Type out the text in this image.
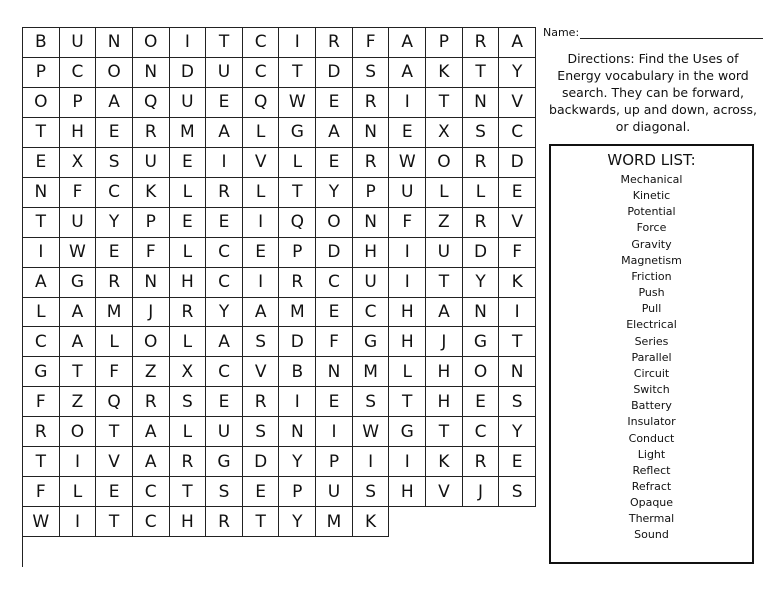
B	U	N	O	I	T	C	I	R	F	A	P	R	A
P	C	O	N	D	U	C	T	D	S	A	K	T	Y
O	P	A	Q	U	E	Q	W	E	R	I	T	N	V
T	H	E	R	M	A	L	G	A	N	E	X	S	C
E	X	S	U	E	I	V	L	E	R	W	O	R	D
N	F	C	K	L	R	L	T	Y	P	U	L	L	E
T	U	Y	P	E	E	I	Q	O	N	F	Z	R	V
I	W	E	F	L	C	E	P	D	H	I	U	D	F
A	G	R	N	H	C	I	R	C	U	I	T	Y	K
L	A	M	J	R	Y	A	M	E	C	H	A	N	I
C	A	L	O	L	A	S	D	F	G	H	J	G	T
G	T	F	Z	X	C	V	B	N	M	L	H	O	N
F	Z	Q	R	S	E	R	I	E	S	T	H	E	S
R	O	T	A	L	U	S	N	I	W	G	T	C	Y
T	I	V	A	R	G	D	Y	P	I	I	K	R	E
F	L	E	C	T	S	E	P	U	S	H	V	J	S
W	I	T	C	H	R	T	Y	M	K
Name:
Directions: Find the Uses of Energy vocabulary in the word search. They can be forward, backwards, up and down, across, or diagonal.
WORD LIST:
Mechanical
Kinetic
Potential
Force
Gravity
Magnetism
Friction
Push
Pull
Electrical
Series
Parallel
Circuit
Switch
Battery
Insulator
Conduct
Light
Reflect
Refract
Opaque
Thermal
Sound
